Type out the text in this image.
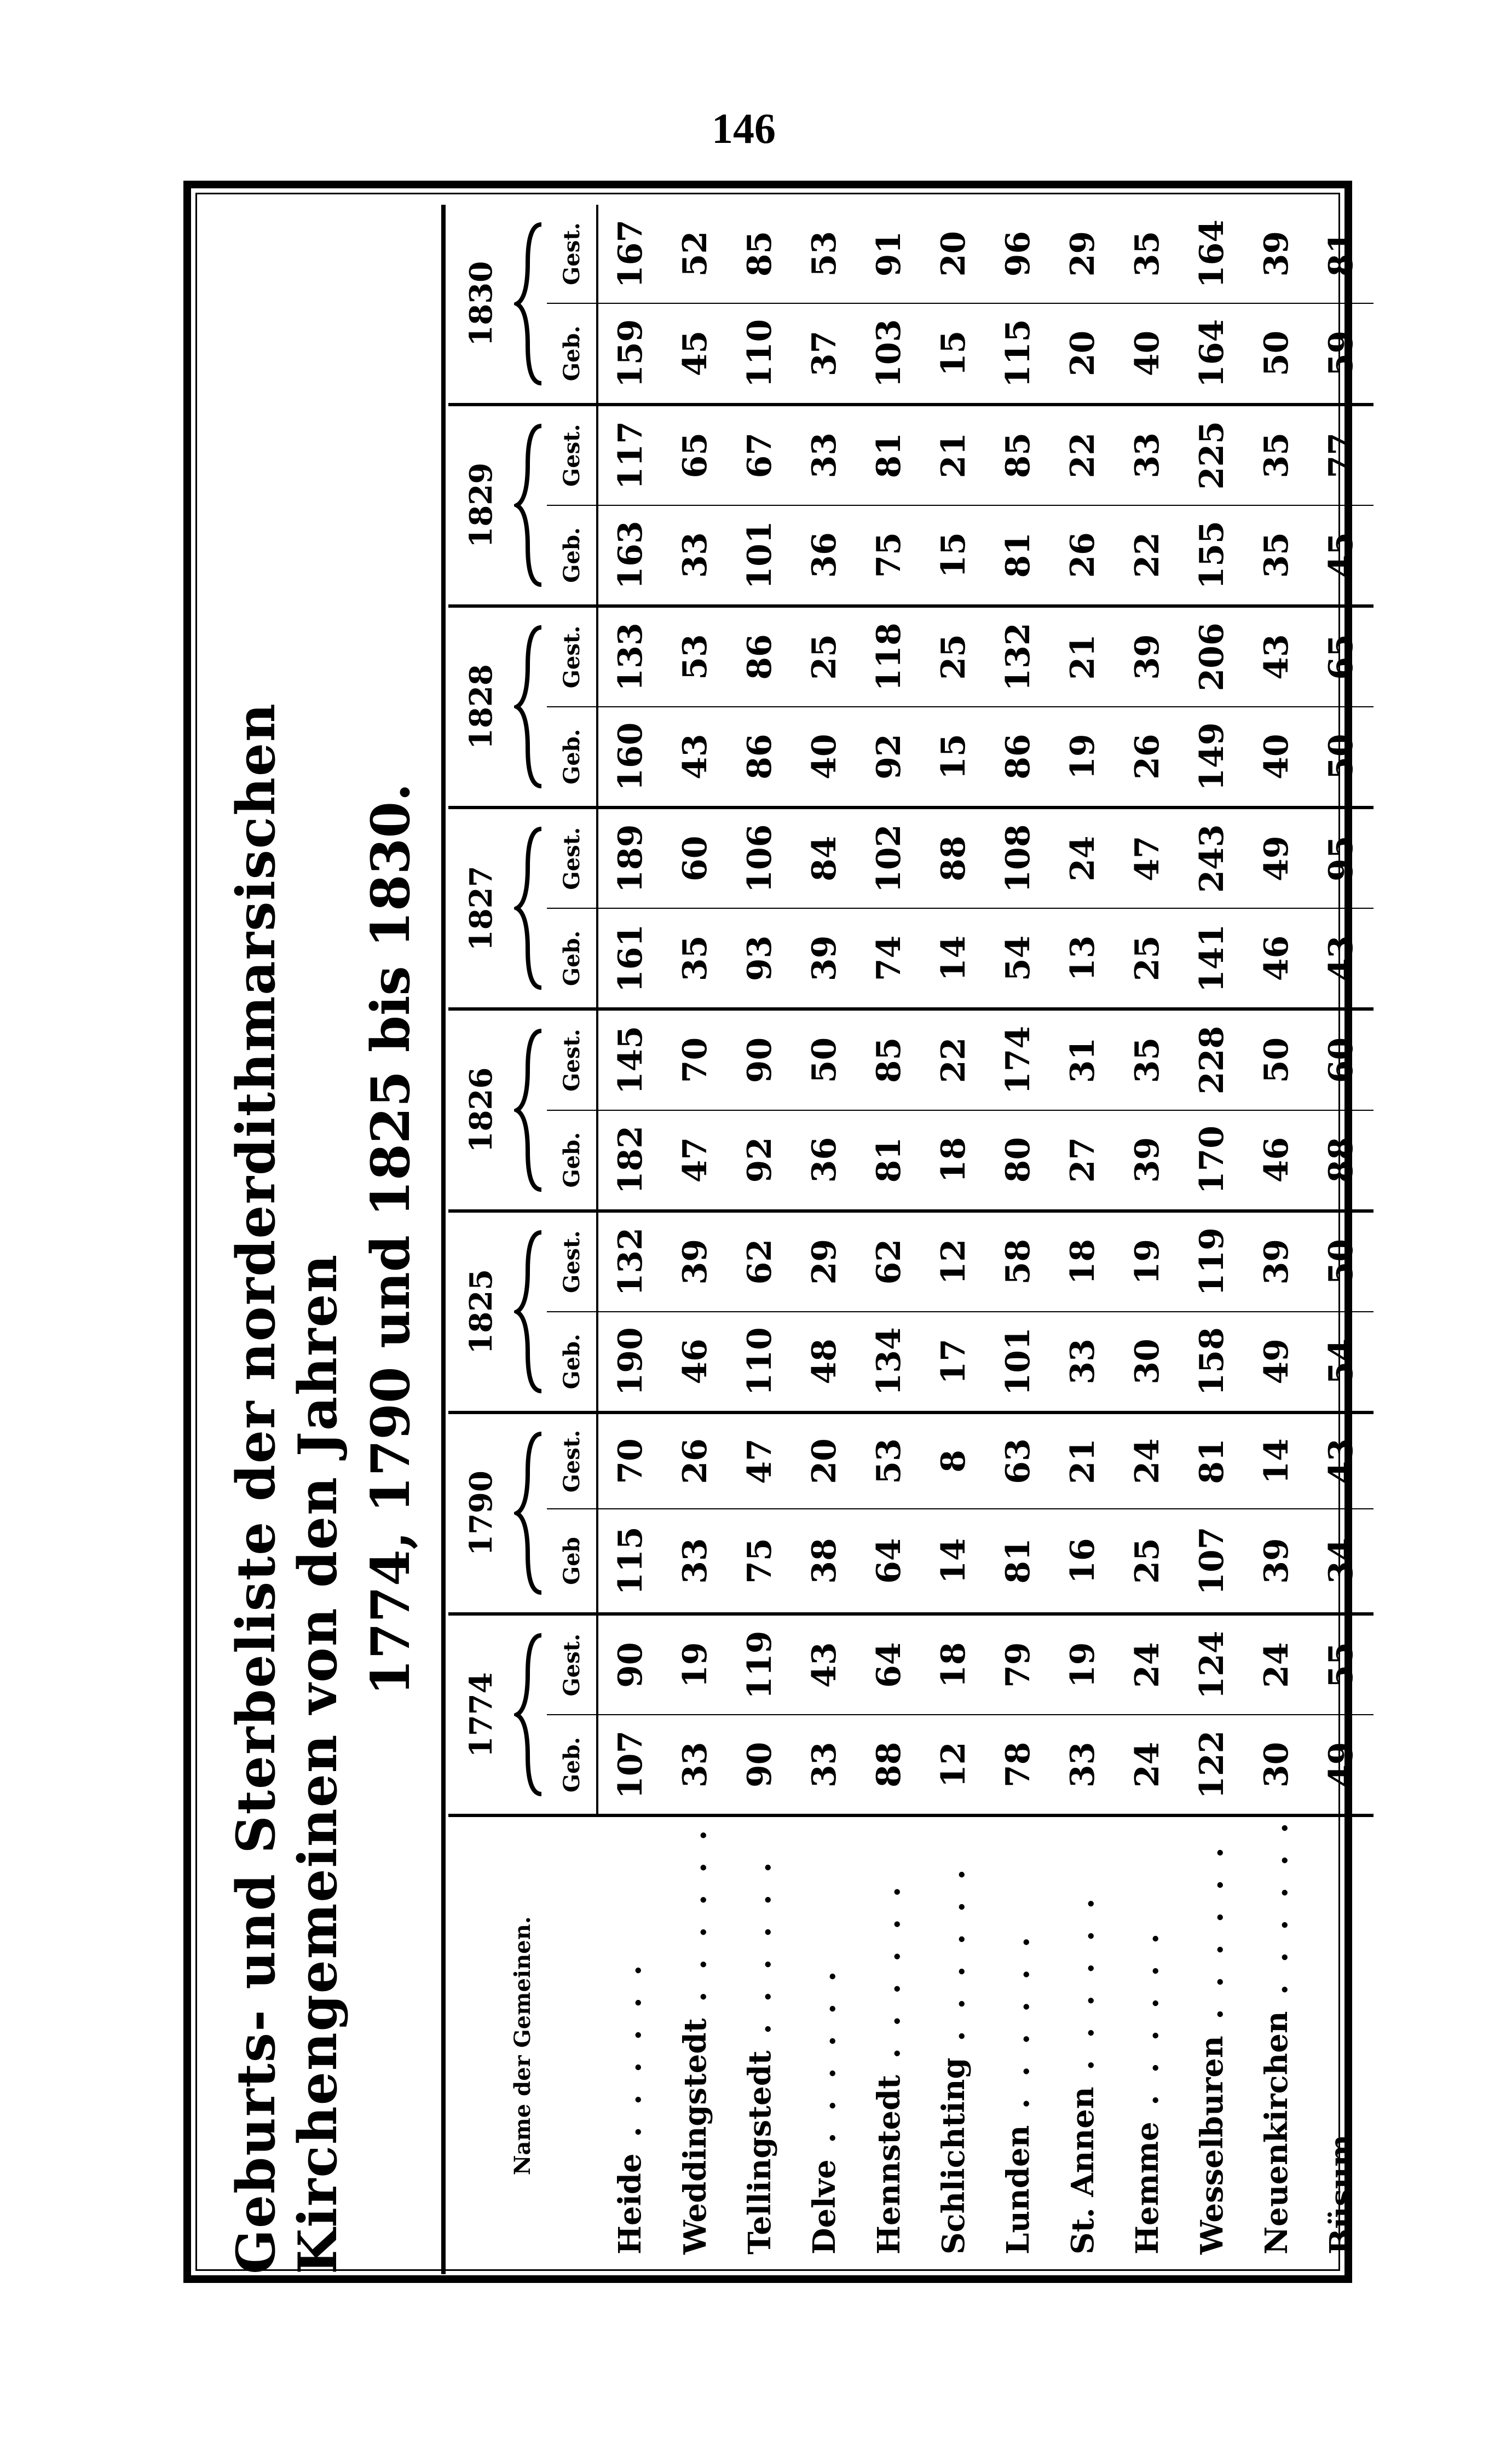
146
Geburts- und Sterbeliste der norderdithmarsischen Kirchengemeinen von den Jahren
1774, 1790 und 1825 bis 1830.
Name der Gemeinen.	1774		1790		1825		1826		1827		1828		1829		1830	

	Geb.	Gest.	Geb	Gest.	Geb.	Gest.	Geb.	Gest.	Geb.	Gest.	Geb.	Gest.	Geb.	Gest.	Geb.	Gest.
Heide . . . . . .	107	90	115	70	190	132	182	145	161	189	160	133	163	117	159	167
Weddingstedt . . . . . .	33	19	33	26	46	39	47	70	35	60	43	53	33	65	45	52
Tellingstedt . . . . . .	90	119	75	47	110	62	92	90	93	106	86	86	101	67	110	85
Delve . . . . . .	33	43	38	20	48	29	36	50	39	84	40	25	36	33	37	53
Hennstedt . . . . . .	88	64	64	53	134	62	81	85	74	102	92	118	75	81	103	91
Schlichting . . . . . .	12	18	14	8	17	12	18	22	14	88	15	25	15	21	15	20
Lunden . . . . . .	78	79	81	63	101	58	80	174	54	108	86	132	81	85	115	96
St. Annen . . . . . .	33	19	16	21	33	18	27	31	13	24	19	21	26	22	20	29
Hemme . . . . . .	24	24	25	24	30	19	39	35	25	47	26	39	22	33	40	35
Wesselburen . . . . . .	122	124	107	81	158	119	170	228	141	243	149	206	155	225	164	164
Neuenkirchen . . . . . .	30	24	39	14	49	39	46	50	46	49	40	43	35	35	50	39
Büsum . . . . . .	49	55	34	43	54	50	88	60	43	95	50	65	45	77	59	81
